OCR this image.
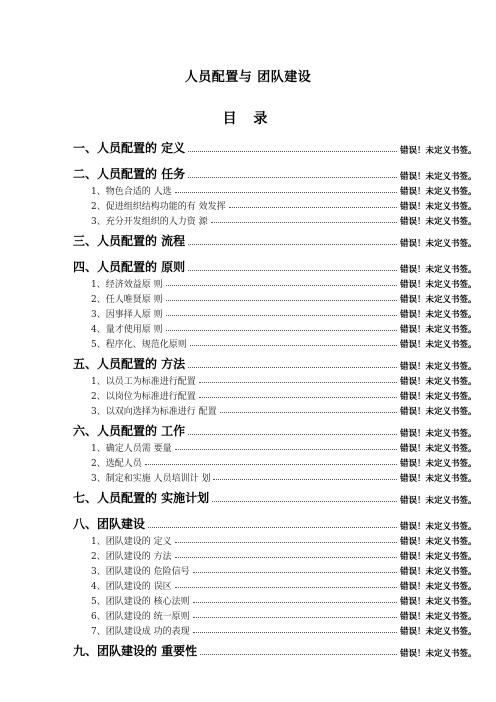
人员配置与 团队建设
目 录
一、人员配置的 定义	错误！未定义书签。
二、人员配置的 任务	错误！未定义书签。
1、物色合适的 人选	错误！未定义书签。
2、促进组织结构功能的有 效发挥	错误！未定义书签。
3、充分开发组织的人力资 源	错误！未定义书签。
三、人员配置的 流程	错误！未定义书签。
四、人员配置的 原则	错误！未定义书签。
1、经济效益原 则	错误！未定义书签。
2、任人唯贤原 则	错误！未定义书签。
3、因事择人原 则	错误！未定义书签。
4、量才使用原 则	错误！未定义书签。
5、程序化、规范化原则	错误！未定义书签。
五、人员配置的 方法	错误！未定义书签。
1、以员工为标准进行配置	错误！未定义书签。
2、以岗位为标准进行配置	错误！未定义书签。
3、以双向选择为标准进行 配置	错误！未定义书签。
六、人员配置的 工作	错误！未定义书签。
1、确定人员需 要量	错误！未定义书签。
2、选配人员	错误！未定义书签。
3、制定和实施 人员培训计 划	错误！未定义书签。
七、人员配置的 实施计划	错误！未定义书签。
八、团队建设	错误！未定义书签。
1、团队建设的 定义	错误！未定义书签。
2、团队建设的 方法	错误！未定义书签。
3、团队建设的 危险信号	错误！未定义书签。
4、团队建设的 误区	错误！未定义书签。
5、团队建设的 核心法则	错误！未定义书签。
6、团队建设的 统一原则	错误！未定义书签。
7、团队建设成 功的表现	错误！未定义书签。
九、团队建设的 重要性	错误！未定义书签。
